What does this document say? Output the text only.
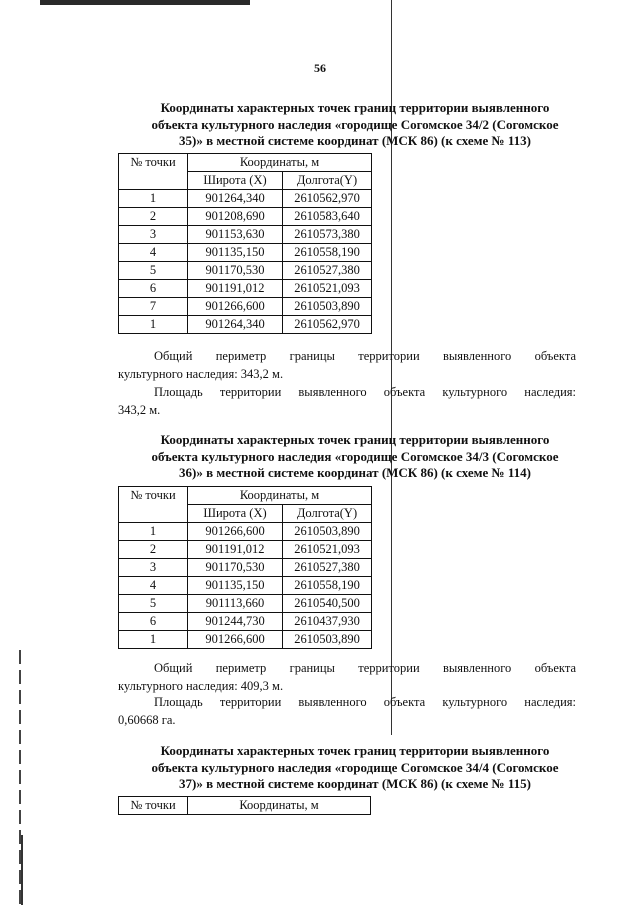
56
Координаты характерных точек границ территории выявленного
объекта культурного наследия «городище Согомское 34/2 (Согомское
35)» в местной системе координат (МСК 86) (к схеме № 113)
№ точки	Координаты, м	
	Широта (X)	Долгота(Y)
1	901264,340	2610562,970
2	901208,690	2610583,640
3	901153,630	2610573,380
4	901135,150	2610558,190
5	901170,530	2610527,380
6	901191,012	2610521,093
7	901266,600	2610503,890
1	901264,340	2610562,970
Общий периметр границы территории выявленного объекта
культурного наследия: 343,2 м.
Площадь территории выявленного объекта культурного наследия:
343,2 м.
Координаты характерных точек границ территории выявленного
объекта культурного наследия «городище Согомское 34/3 (Согомское
36)» в местной системе координат (МСК 86) (к схеме № 114)
№ точки	Координаты, м	
	Широта (X)	Долгота(Y)
1	901266,600	2610503,890
2	901191,012	2610521,093
3	901170,530	2610527,380
4	901135,150	2610558,190
5	901113,660	2610540,500
6	901244,730	2610437,930
1	901266,600	2610503,890
Общий периметр границы территории выявленного объекта
культурного наследия: 409,3 м.
Площадь территории выявленного объекта культурного наследия:
0,60668 га.
Координаты характерных точек границ территории выявленного
объекта культурного наследия «городище Согомское 34/4 (Согомское
37)» в местной системе координат (МСК 86) (к схеме № 115)
№ точки	Координаты, м
